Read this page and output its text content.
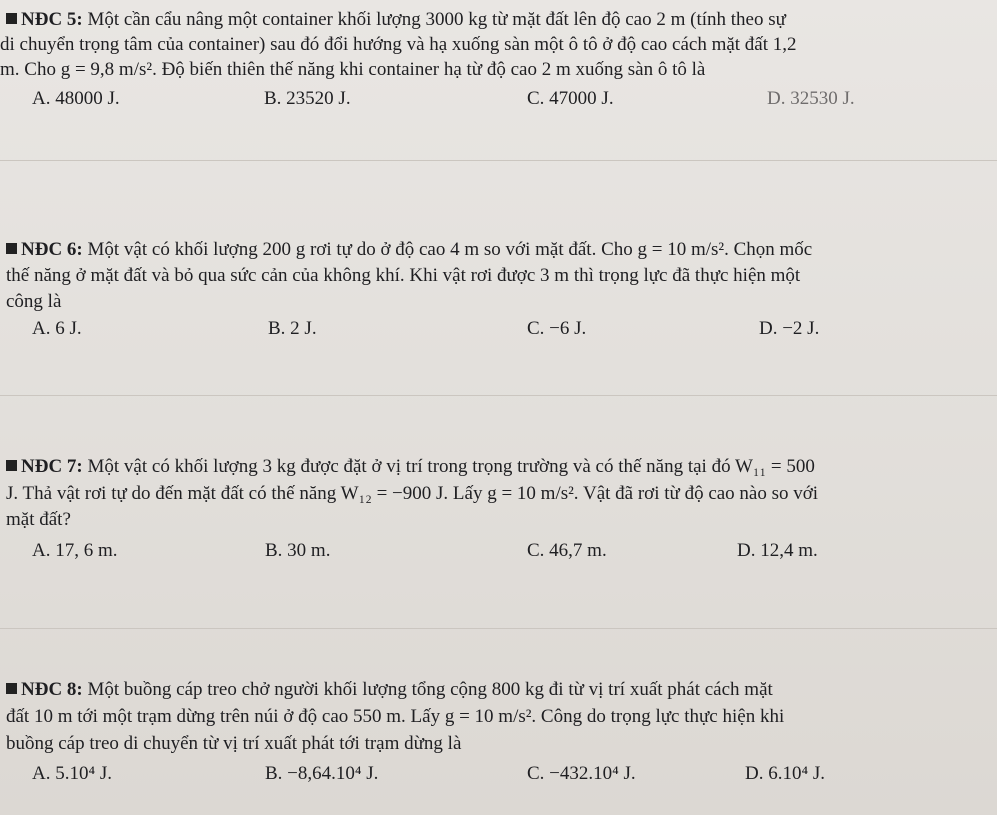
NĐC 5: Một cần cẩu nâng một container khối lượng 3000 kg từ mặt đất lên độ cao 2 m (tính theo sự
di chuyển trọng tâm của container) sau đó đổi hướng và hạ xuống sàn một ô tô ở độ cao cách mặt đất 1,2
m. Cho g = 9,8 m/s². Độ biến thiên thế năng khi container hạ từ độ cao 2 m xuống sàn ô tô là
A. 48000 J.	B. 23520 J.	C. 47000 J.	D. 32530 J.
NĐC 6: Một vật có khối lượng 200 g rơi tự do ở độ cao 4 m so với mặt đất. Cho g = 10 m/s². Chọn mốc
thế năng ở mặt đất và bỏ qua sức cản của không khí. Khi vật rơi được 3 m thì trọng lực đã thực hiện một
công là
A. 6 J.	B. 2 J.	C. −6 J.	D. −2 J.
NĐC 7: Một vật có khối lượng 3 kg được đặt ở vị trí trong trọng trường và có thế năng tại đó W₁₁ = 500
J. Thả vật rơi tự do đến mặt đất có thế năng W₁₂ = −900 J. Lấy g = 10 m/s². Vật đã rơi từ độ cao nào so với
mặt đất?
A. 17, 6 m.	B. 30 m.	C. 46,7 m.	D. 12,4 m.
NĐC 8: Một buồng cáp treo chở người khối lượng tổng cộng 800 kg đi từ vị trí xuất phát cách mặt
đất 10 m tới một trạm dừng trên núi ở độ cao 550 m. Lấy g = 10 m/s². Công do trọng lực thực hiện khi
buồng cáp treo di chuyển từ vị trí xuất phát tới trạm dừng là
A. 5.10⁴ J.	B. −8,64.10⁴ J.	C. −432.10⁴ J.	D. 6.10⁴ J.
